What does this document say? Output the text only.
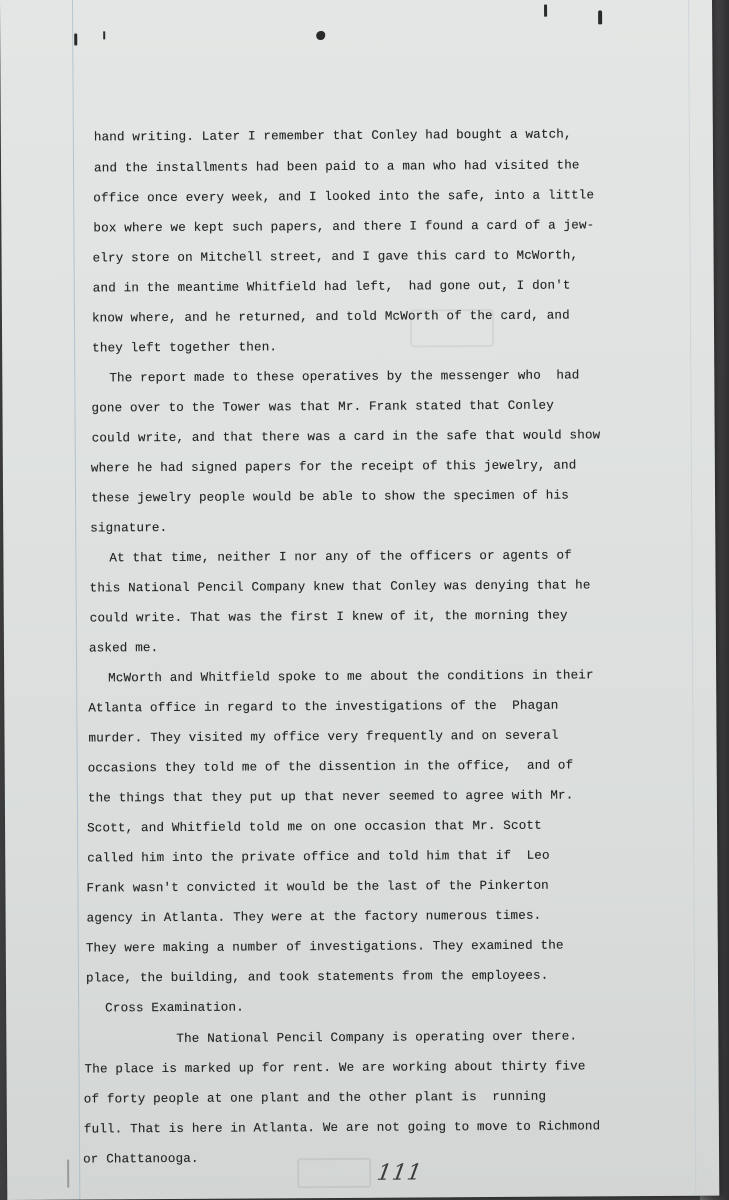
hand writing. Later I remember that Conley had bought a watch,
and the installments had been paid to a man who had visited the
office once every week, and I looked into the safe, into a little
box where we kept such papers, and there I found a card of a jew-
elry store on Mitchell street, and I gave this card to McWorth,
and in the meantime Whitfield had left,  had gone out, I don't
know where, and he returned, and told McWorth of the card, and
they left together then.
The report made to these operatives by the messenger who  had
gone over to the Tower was that Mr. Frank stated that Conley
could write, and that there was a card in the safe that would show
where he had signed papers for the receipt of this jewelry, and
these jewelry people would be able to show the specimen of his
signature.
At that time, neither I nor any of the officers or agents of
this National Pencil Company knew that Conley was denying that he
could write. That was the first I knew of it, the morning they
asked me.
McWorth and Whitfield spoke to me about the conditions in their
Atlanta office in regard to the investigations of the  Phagan
murder. They visited my office very frequently and on several
occasions they told me of the dissention in the office,  and of
the things that they put up that never seemed to agree with Mr.
Scott, and Whitfield told me on one occasion that Mr. Scott
called him into the private office and told him that if  Leo
Frank wasn't convicted it would be the last of the Pinkerton
agency in Atlanta. They were at the factory numerous times.
They were making a number of investigations. They examined the
place, the building, and took statements from the employees.
Cross Examination.
The National Pencil Company is operating over there.
The place is marked up for rent. We are working about thirty five
of forty people at one plant and the other plant is  running
full. That is here in Atlanta. We are not going to move to Richmond
or Chattanooga.
111
